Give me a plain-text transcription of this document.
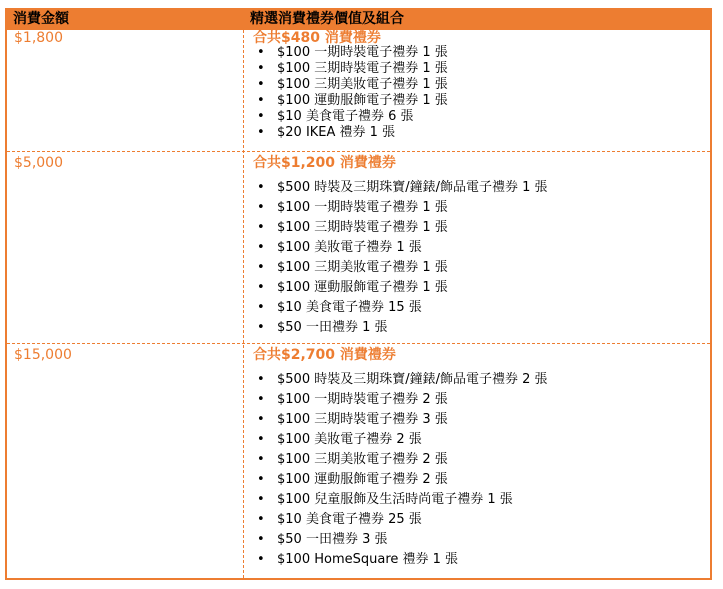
消費金額	精選消費禮券價值及組合
$1,800	合共$480 消費禮券
• $100 一期時裝電子禮券 1 張
• $100 三期時裝電子禮券 1 張
• $100 三期美妝電子禮券 1 張
• $100 運動服飾電子禮券 1 張
• $10 美食電子禮券 6 張
• $20 IKEA 禮券 1 張
$5,000	合共$1,200 消費禮券
• $500 時裝及三期珠寶/鐘錶/飾品電子禮券 1 張
• $100 一期時裝電子禮券 1 張
• $100 三期時裝電子禮券 1 張
• $100 美妝電子禮券 1 張
• $100 三期美妝電子禮券 1 張
• $100 運動服飾電子禮券 1 張
• $10 美食電子禮券 15 張
• $50 一田禮券 1 張
$15,000	合共$2,700 消費禮券
• $500 時裝及三期珠寶/鐘錶/飾品電子禮券 2 張
• $100 一期時裝電子禮券 2 張
• $100 三期時裝電子禮券 3 張
• $100 美妝電子禮券 2 張
• $100 三期美妝電子禮券 2 張
• $100 運動服飾電子禮券 2 張
• $100 兒童服飾及生活時尚電子禮券 1 張
• $10 美食電子禮券 25 張
• $50 一田禮券 3 張
• $100 HomeSquare 禮券 1 張
